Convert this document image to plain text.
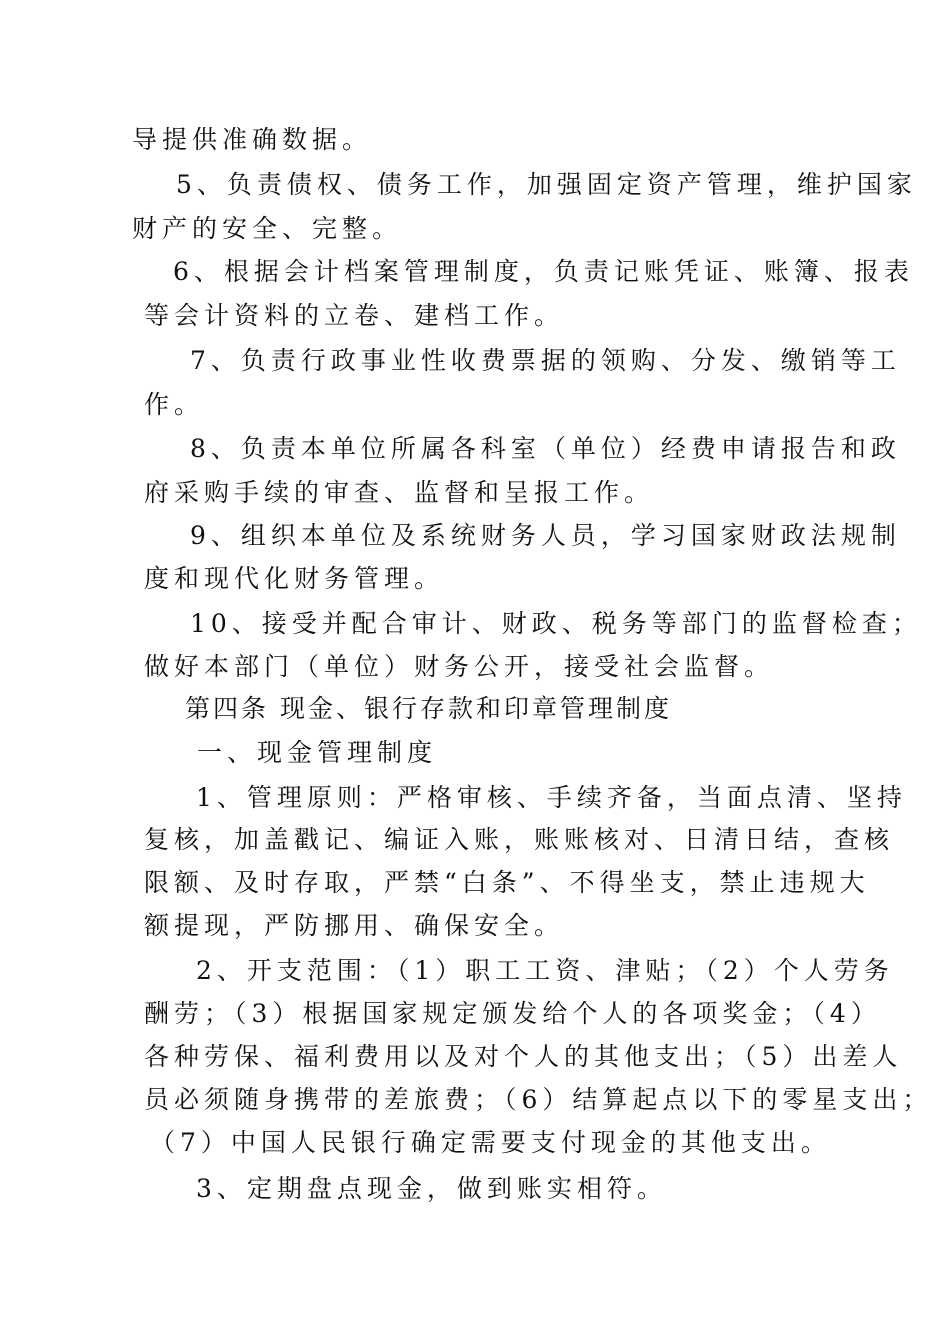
导提供准确数据。

5、负责债权、债务工作，加强固定资产管理，维护国家

财产的安全、完整。

6、根据会计档案管理制度，负责记账凭证、账簿、报表

等会计资料的立卷、建档工作。

7、负责行政事业性收费票据的领购、分发、缴销等工

作。

8、负责本单位所属各科室（单位）经费申请报告和政

府采购手续的审查、监督和呈报工作。

9、组织本单位及系统财务人员，学习国家财政法规制

度和现代化财务管理。

10、接受并配合审计、财政、税务等部门的监督检查；

做好本部门（单位）财务公开，接受社会监督。

第四条 现金、银行存款和印章管理制度

一、现金管理制度

1、管理原则：严格审核、手续齐备，当面点清、坚持

复核，加盖戳记、编证入账，账账核对、日清日结，查核

限额、及时存取，严禁“白条”、不得坐支，禁止违规大

额提现，严防挪用、确保安全。

2、开支范围：（1）职工工资、津贴；（2）个人劳务

酬劳；（3）根据国家规定颁发给个人的各项奖金；（4）

各种劳保、福利费用以及对个人的其他支出；（5）出差人

员必须随身携带的差旅费；（6）结算起点以下的零星支出；

（7）中国人民银行确定需要支付现金的其他支出。

3、定期盘点现金，做到账实相符。
